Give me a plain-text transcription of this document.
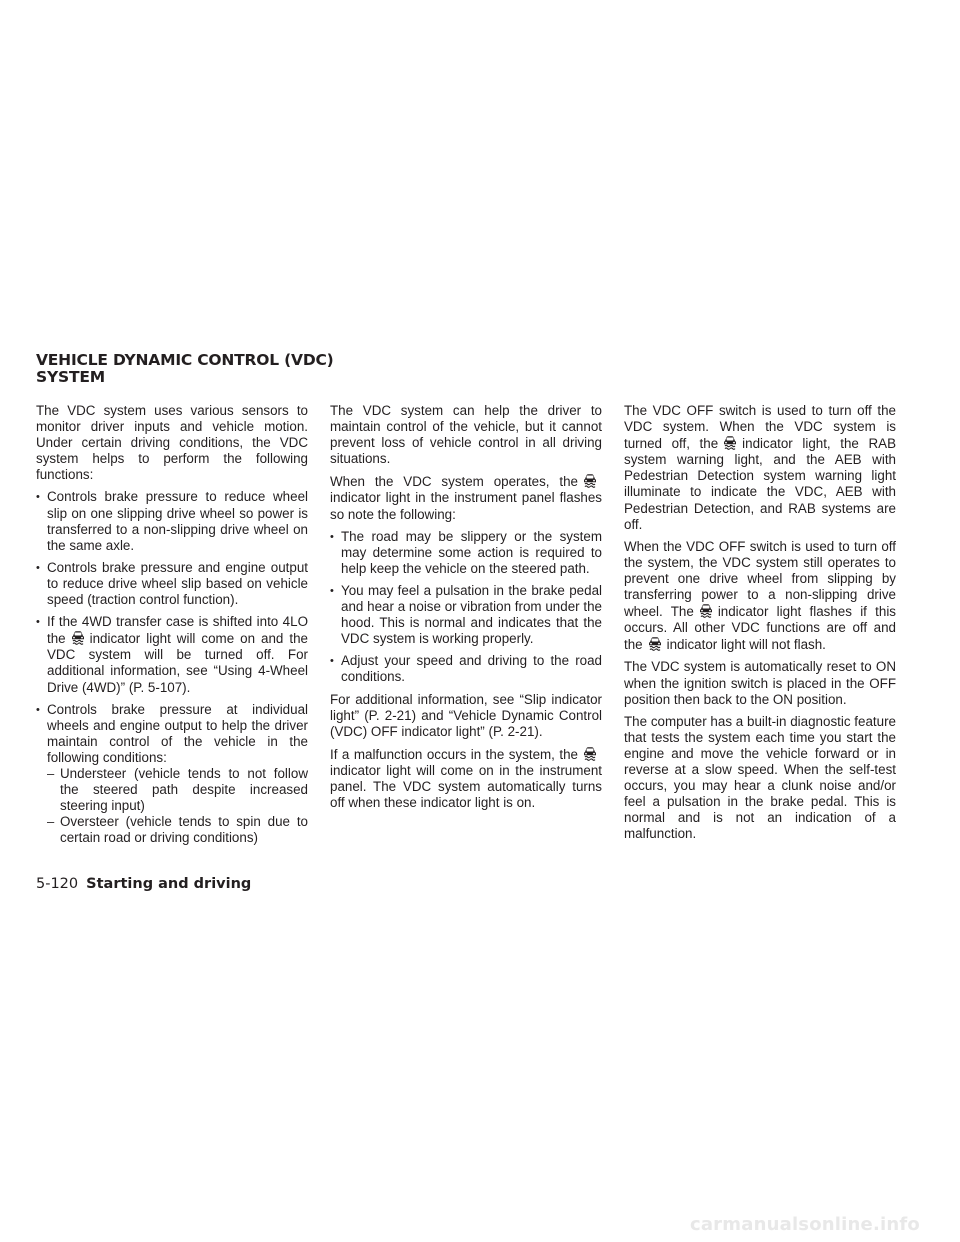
VEHICLE DYNAMIC CONTROL (VDC)
SYSTEM

The VDC system uses various sensors to monitor driver inputs and vehicle motion. Under certain driving conditions, the VDC system helps to perform the following functions:

• Controls brake pressure to reduce wheel slip on one slipping drive wheel so power is transferred to a non-slipping drive wheel on the same axle.
• Controls brake pressure and engine output to reduce drive wheel slip based on vehicle speed (traction control function).
• If the 4WD transfer case is shifted into 4LO the indicator light will come on and the VDC system will be turned off. For additional information, see “Using 4-Wheel Drive (4WD)” (P. 5-107).
• Controls brake pressure at individual wheels and engine output to help the driver maintain control of the vehicle in the following conditions:
– Understeer (vehicle tends to not follow the steered path despite increased steering input)
– Oversteer (vehicle tends to spin due to certain road or driving conditions)

The VDC system can help the driver to maintain control of the vehicle, but it cannot prevent loss of vehicle control in all driving situations.

When the VDC system operates, the
indicator light in the instrument panel flashes so note the following:

• The road may be slippery or the system may determine some action is required to help keep the vehicle on the steered path.
• You may feel a pulsation in the brake pedal and hear a noise or vibration from under the hood. This is normal and indicates that the VDC system is working properly.
• Adjust your speed and driving to the road conditions.

For additional information, see “Slip indicator light” (P. 2-21) and “Vehicle Dynamic Control (VDC) OFF indicator light” (P. 2-21).

If a malfunction occurs in the system, the
indicator light will come on in the instrument panel. The VDC system automatically turns off when these indicator light is on.

The VDC OFF switch is used to turn off the VDC system. When the VDC system is turned off, the indicator light, the RAB system warning light, and the AEB with Pedestrian Detection system warning light illuminate to indicate the VDC, AEB with Pedestrian Detection, and RAB systems are off.

When the VDC OFF switch is used to turn off the system, the VDC system still operates to prevent one drive wheel from slipping by transferring power to a non-slipping drive wheel. The indicator light flashes if this occurs. All other VDC functions are off and the indicator light will not flash.

The VDC system is automatically reset to ON when the ignition switch is placed in the OFF position then back to the ON position.

The computer has a built-in diagnostic feature that tests the system each time you start the engine and move the vehicle forward or in reverse at a slow speed. When the self-test occurs, you may hear a clunk noise and/or feel a pulsation in the brake pedal. This is normal and is not an indication of a malfunction.

5-120 Starting and driving
carmanualsonline.info
